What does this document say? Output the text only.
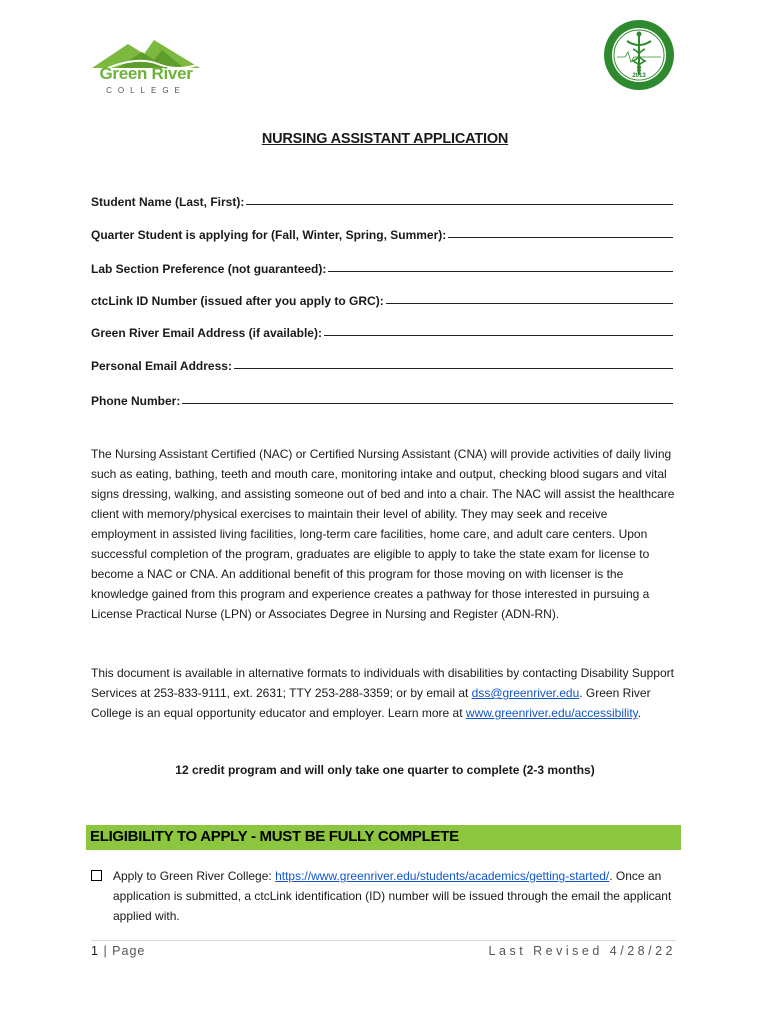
Green River
COLLEGE
2013
NURSING ASSISTANT APPLICATION
Student Name (Last, First):
Quarter Student is applying for (Fall, Winter, Spring, Summer):
Lab Section Preference (not guaranteed):
ctcLink ID Number (issued after you apply to GRC):
Green River Email Address (if available):
Personal Email Address:
Phone Number:
The Nursing Assistant Certified (NAC) or Certified Nursing Assistant (CNA) will provide activities of daily living such as eating, bathing, teeth and mouth care, monitoring intake and output, checking blood sugars and vital signs dressing, walking, and assisting someone out of bed and into a chair. The NAC will assist the healthcare client with memory/physical exercises to maintain their level of ability. They may seek and receive employment in assisted living facilities, long-term care facilities, home care, and adult care centers. Upon successful completion of the program, graduates are eligible to apply to take the state exam for license to become a NAC or CNA. An additional benefit of this program for those moving on with licenser is the knowledge gained from this program and experience creates a pathway for those interested in pursuing a License Practical Nurse (LPN) or Associates Degree in Nursing and Register (ADN-RN).
This document is available in alternative formats to individuals with disabilities by contacting Disability Support Services at 253-833-9111, ext. 2631; TTY 253-288-3359; or by email at dss@greenriver.edu. Green River College is an equal opportunity educator and employer. Learn more at www.greenriver.edu/accessibility.
12 credit program and will only take one quarter to complete (2-3 months)
ELIGIBILITY TO APPLY - MUST BE FULLY COMPLETE
Apply to Green River College: https://www.greenriver.edu/students/academics/getting-started/. Once an application is submitted, a ctcLink identification (ID) number will be issued through the email the applicant applied with.
1 | Page	Last Revised 4/28/22
